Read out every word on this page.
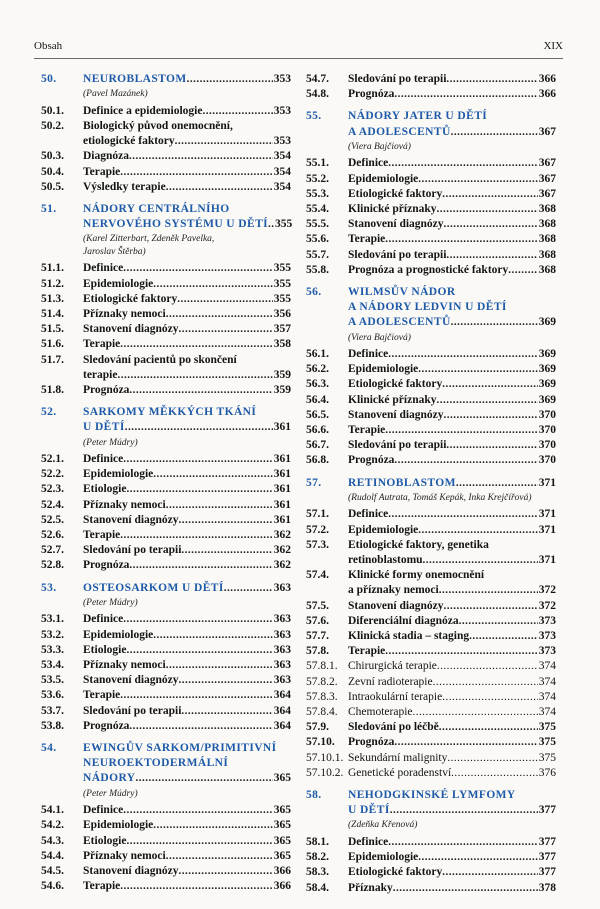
Obsah	XIX
50.	NEUROBLASTOM .....	353
(Pavel Mazánek)
50.1.	Definice a epidemiologie .....	353
50.2.	Biologický původ onemocnění,
etiologické faktory .....	353
50.3.	Diagnóza .....	354
50.4.	Terapie .....	354
50.5.	Výsledky terapie .....	354
51.	NÁDORY CENTRÁLNÍHO
NERVOVÉHO SYSTÉMU U DĚTÍ ..... 355
(Karel Zitterbart, Zdeněk Pavelka,
Jaroslav Štěrba)
51.1.	Definice .....	355
51.2.	Epidemiologie .....	355
51.3.	Etiologické faktory .....	355
51.4.	Příznaky nemoci .....	356
51.5.	Stanovení diagnózy .....	357
51.6.	Terapie .....	358
51.7.	Sledování pacientů po skončení
terapie .....	359
51.8.	Prognóza .....	359
52.	SARKOMY MĚKKÝCH TKÁNÍ
U DĚTÍ .....	361
(Peter Múdry)
52.1.	Definice .....	361
52.2.	Epidemiologie .....	361
52.3.	Etiologie .....	361
52.4.	Příznaky nemoci .....	361
52.5.	Stanovení diagnózy .....	361
52.6.	Terapie .....	362
52.7.	Sledování po terapii .....	362
52.8.	Prognóza .....	362
53.	OSTEOSARKOM U DĚTÍ .....	363
(Peter Múdry)
53.1.	Definice .....	363
53.2.	Epidemiologie .....	363
53.3.	Etiologie .....	363
53.4.	Příznaky nemoci .....	363
53.5.	Stanovení diagnózy .....	363
53.6.	Terapie .....	364
53.7.	Sledování po terapii .....	364
53.8.	Prognóza .....	364
54.	EWINGŮV SARKOM/PRIMITIVNÍ
NEUROEKTODERMÁLNÍ
NÁDORY .....	365
(Peter Múdry)
54.1.	Definice .....	365
54.2.	Epidemiologie .....	365
54.3.	Etiologie .....	365
54.4.	Příznaky nemoci .....	365
54.5.	Stanovení diagnózy .....	366
54.6.	Terapie .....	366
54.7.	Sledování po terapii .....	366
54.8.	Prognóza .....	366
55.	NÁDORY JATER U DĚTÍ
A ADOLESCENTŮ .....	367
(Viera Bajčiová)
55.1.	Definice .....	367
55.2.	Epidemiologie .....	367
55.3.	Etiologické faktory .....	367
55.4.	Klinické příznaky .....	368
55.5.	Stanovení diagnózy .....	368
55.6.	Terapie .....	368
55.7.	Sledování po terapii .....	368
55.8.	Prognóza a prognostické faktory .....	368
56.	WILMSŮV NÁDOR
A NÁDORY LEDVIN U DĚTÍ
A ADOLESCENTŮ .....	369
(Viera Bajčiová)
56.1.	Definice .....	369
56.2.	Epidemiologie .....	369
56.3.	Etiologické faktory .....	369
56.4.	Klinické příznaky .....	369
56.5.	Stanovení diagnózy .....	370
56.6.	Terapie .....	370
56.7.	Sledování po terapii .....	370
56.8.	Prognóza .....	370
57.	RETINOBLASTOM .....	371
(Rudolf Autrata, Tomáš Kepák, Inka Krejčířová)
57.1.	Definice .....	371
57.2.	Epidemiologie .....	371
57.3.	Etiologické faktory, genetika
retinoblastomu .....	371
57.4.	Klinické formy onemocnění
a příznaky nemoci .....	372
57.5.	Stanovení diagnózy .....	372
57.6.	Diferenciální diagnóza .....	373
57.7.	Klinická stadia – staging .....	373
57.8.	Terapie .....	373
57.8.1. Chirurgická terapie .....	374
57.8.2. Zevní radioterapie .....	374
57.8.3. Intraokulární terapie .....	374
57.8.4. Chemoterapie .....	374
57.9.	Sledování po léčbě .....	375
57.10.	Prognóza .....	375
57.10.1. Sekundární malignity .....	375
57.10.2. Genetické poradenství .....	376
58.	NEHODGKINSKÉ LYMFOMY
U DĚTÍ .....	377
(Zdeňka Křenová)
58.1.	Definice .....	377
58.2.	Epidemiologie .....	377
58.3.	Etiologické faktory .....	377
58.4.	Příznaky .....	378
